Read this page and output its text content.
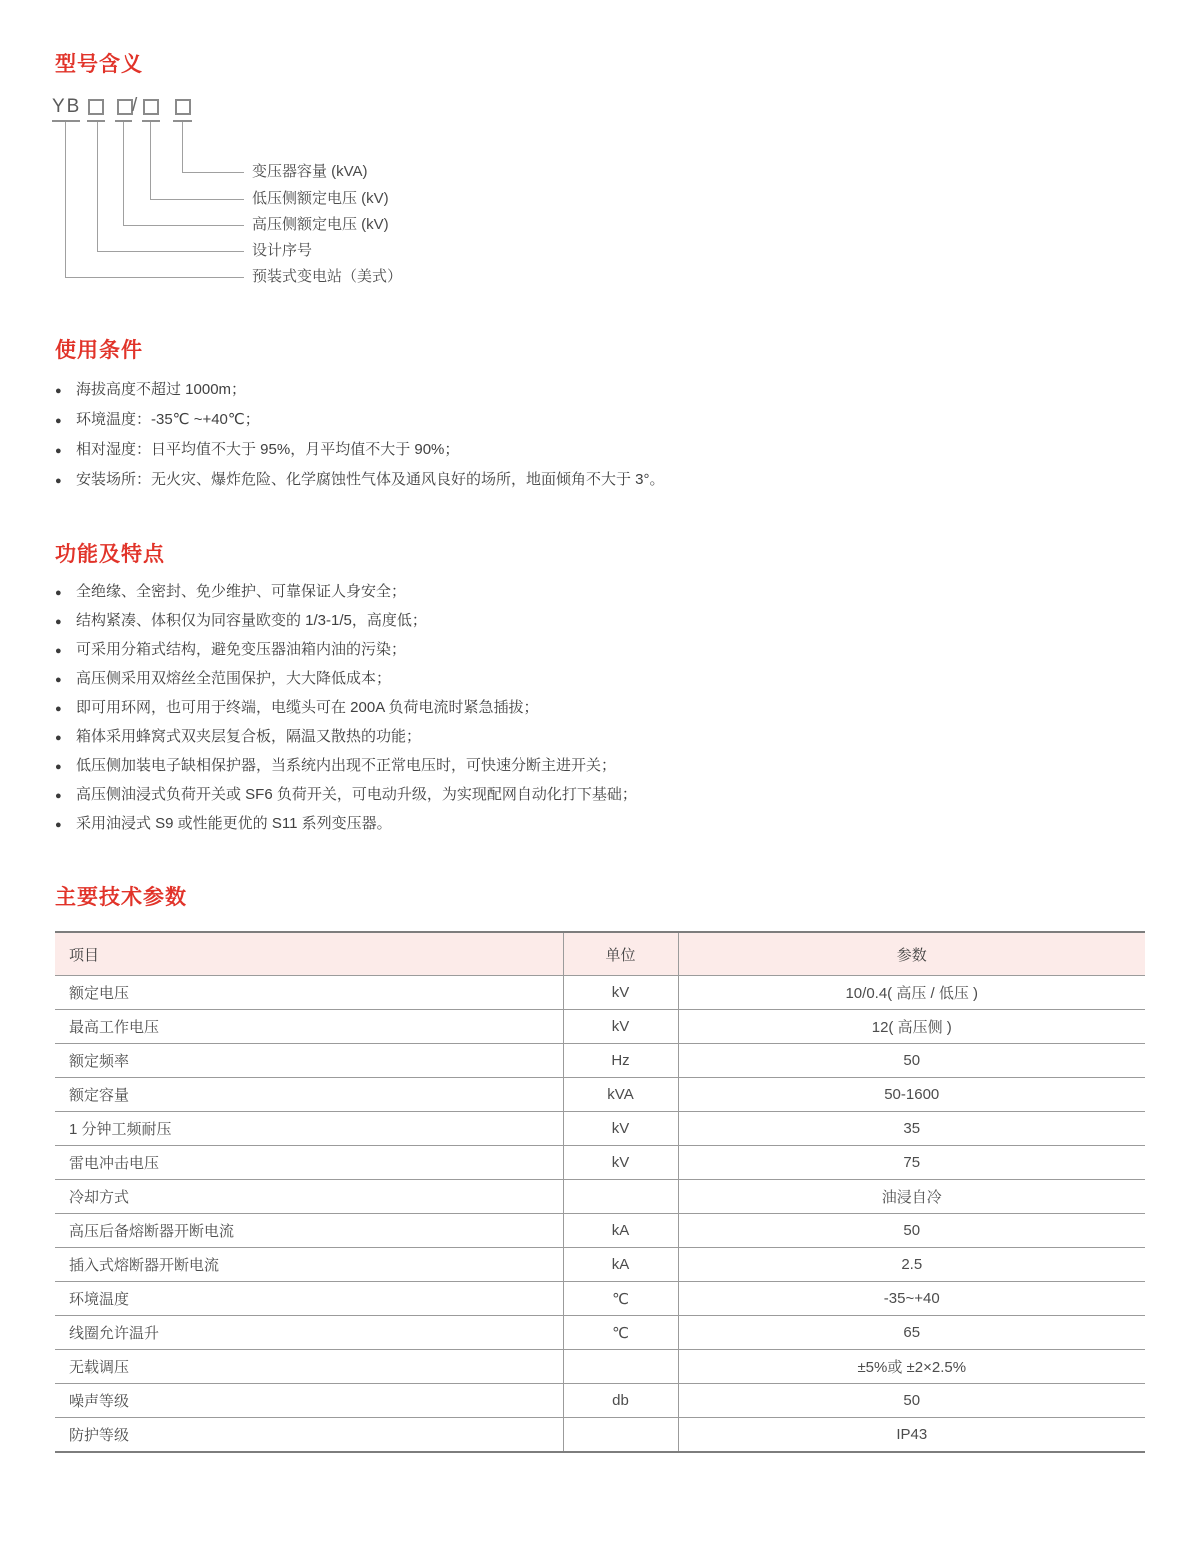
型号含义
YB	/
变压器容量 (kVA)
低压侧额定电压 (kV)
高压侧额定电压 (kV)
设计序号
预装式变电站（美式）
使用条件
●
海拔高度不超过 1000m；
●
环境温度：-35℃ ~+40℃；
●
相对湿度：日平均值不大于 95%，月平均值不大于 90%；
●
安装场所：无火灾、爆炸危险、化学腐蚀性气体及通风良好的场所，地面倾角不大于 3°。
功能及特点
●
全绝缘、全密封、免少维护、可靠保证人身安全；
●
结构紧凑、体积仅为同容量欧变的 1/3-1/5，高度低；
●
可采用分箱式结构，避免变压器油箱内油的污染；
●
高压侧采用双熔丝全范围保护，大大降低成本；
●
即可用环网，也可用于终端，电缆头可在 200A 负荷电流时紧急插拔；
●
箱体采用蜂窝式双夹层复合板，隔温又散热的功能；
●
低压侧加装电子缺相保护器，当系统内出现不正常电压时，可快速分断主进开关；
●
高压侧油浸式负荷开关或 SF6 负荷开关，可电动升级，为实现配网自动化打下基础；
●
采用油浸式 S9 或性能更优的 S11 系列变压器。
主要技术参数
项目	单位	参数
额定电压	kV	10/0.4( 高压 / 低压 )
最高工作电压	kV	12( 高压侧 )
额定频率	Hz	50
额定容量	kVA	50-1600
1 分钟工频耐压	kV	35
雷电冲击电压	kV	75
冷却方式		油浸自冷
高压后备熔断器开断电流	kA	50
插入式熔断器开断电流	kA	2.5
环境温度	℃	-35~+40
线圈允许温升	℃	65
无载调压		±5%或 ±2×2.5%
噪声等级	db	50
防护等级		IP43
